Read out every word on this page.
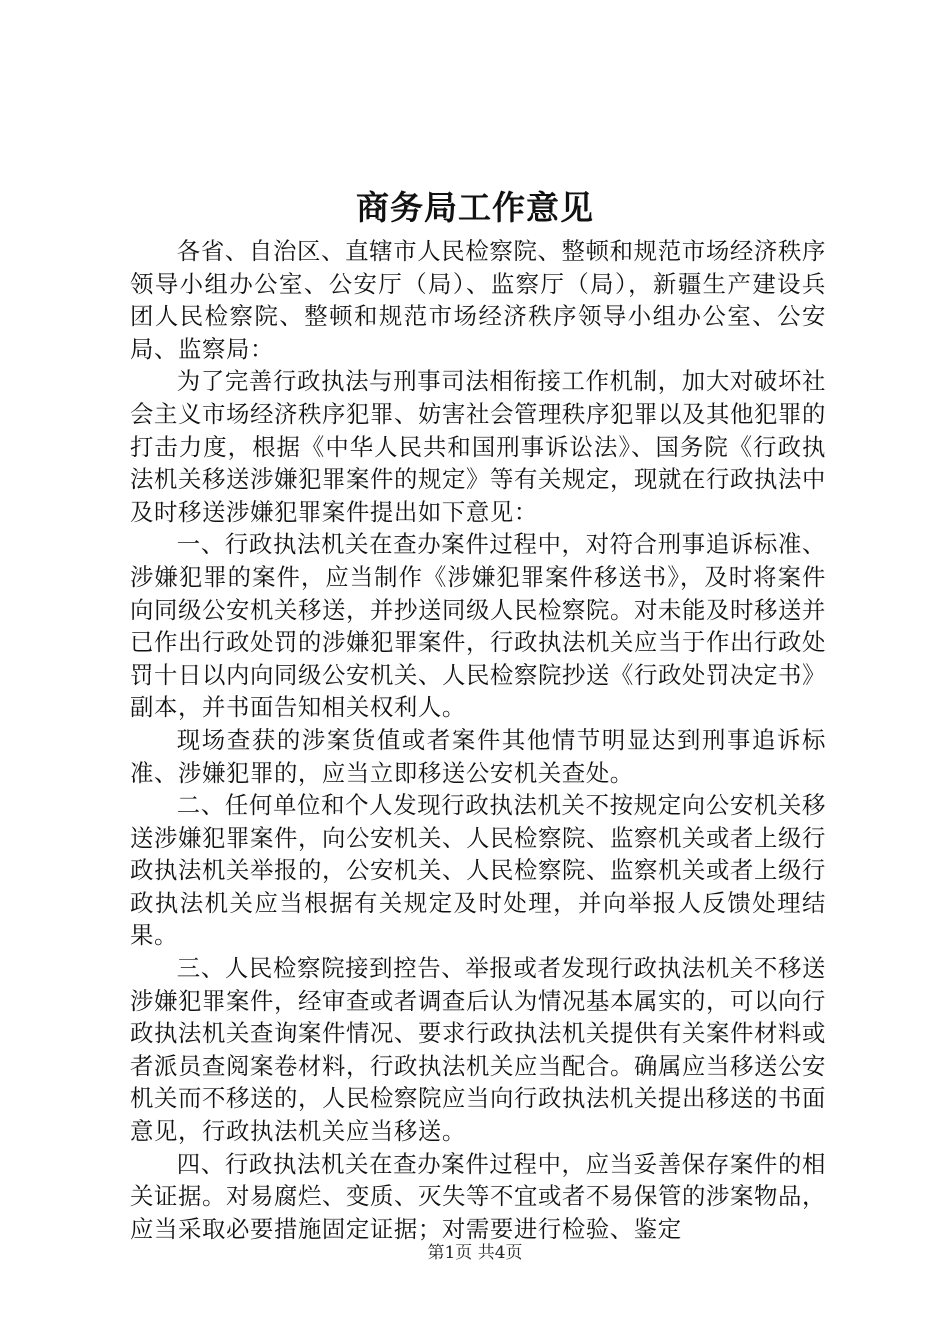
商务局工作意见

各省、自治区、直辖市人民检察院、整顿和规范市场经济秩序领导小组办公室、公安厅（局）、监察厅（局），新疆生产建设兵团人民检察院、整顿和规范市场经济秩序领导小组办公室、公安局、监察局：

为了完善行政执法与刑事司法相衔接工作机制，加大对破坏社会主义市场经济秩序犯罪、妨害社会管理秩序犯罪以及其他犯罪的打击力度，根据《中华人民共和国刑事诉讼法》、国务院《行政执法机关移送涉嫌犯罪案件的规定》等有关规定，现就在行政执法中及时移送涉嫌犯罪案件提出如下意见：

一、行政执法机关在查办案件过程中，对符合刑事追诉标准、涉嫌犯罪的案件，应当制作《涉嫌犯罪案件移送书》，及时将案件向同级公安机关移送，并抄送同级人民检察院。对未能及时移送并已作出行政处罚的涉嫌犯罪案件，行政执法机关应当于作出行政处罚十日以内向同级公安机关、人民检察院抄送《行政处罚决定书》副本，并书面告知相关权利人。

现场查获的涉案货值或者案件其他情节明显达到刑事追诉标准、涉嫌犯罪的，应当立即移送公安机关查处。

二、任何单位和个人发现行政执法机关不按规定向公安机关移送涉嫌犯罪案件，向公安机关、人民检察院、监察机关或者上级行政执法机关举报的，公安机关、人民检察院、监察机关或者上级行政执法机关应当根据有关规定及时处理，并向举报人反馈处理结果。

三、人民检察院接到控告、举报或者发现行政执法机关不移送涉嫌犯罪案件，经审查或者调查后认为情况基本属实的，可以向行政执法机关查询案件情况、要求行政执法机关提供有关案件材料或者派员查阅案卷材料，行政执法机关应当配合。确属应当移送公安机关而不移送的，人民检察院应当向行政执法机关提出移送的书面意见，行政执法机关应当移送。

四、行政执法机关在查办案件过程中，应当妥善保存案件的相关证据。对易腐烂、变质、灭失等不宜或者不易保管的涉案物品，应当采取必要措施固定证据；对需要进行检验、鉴定

第1页 共4页
